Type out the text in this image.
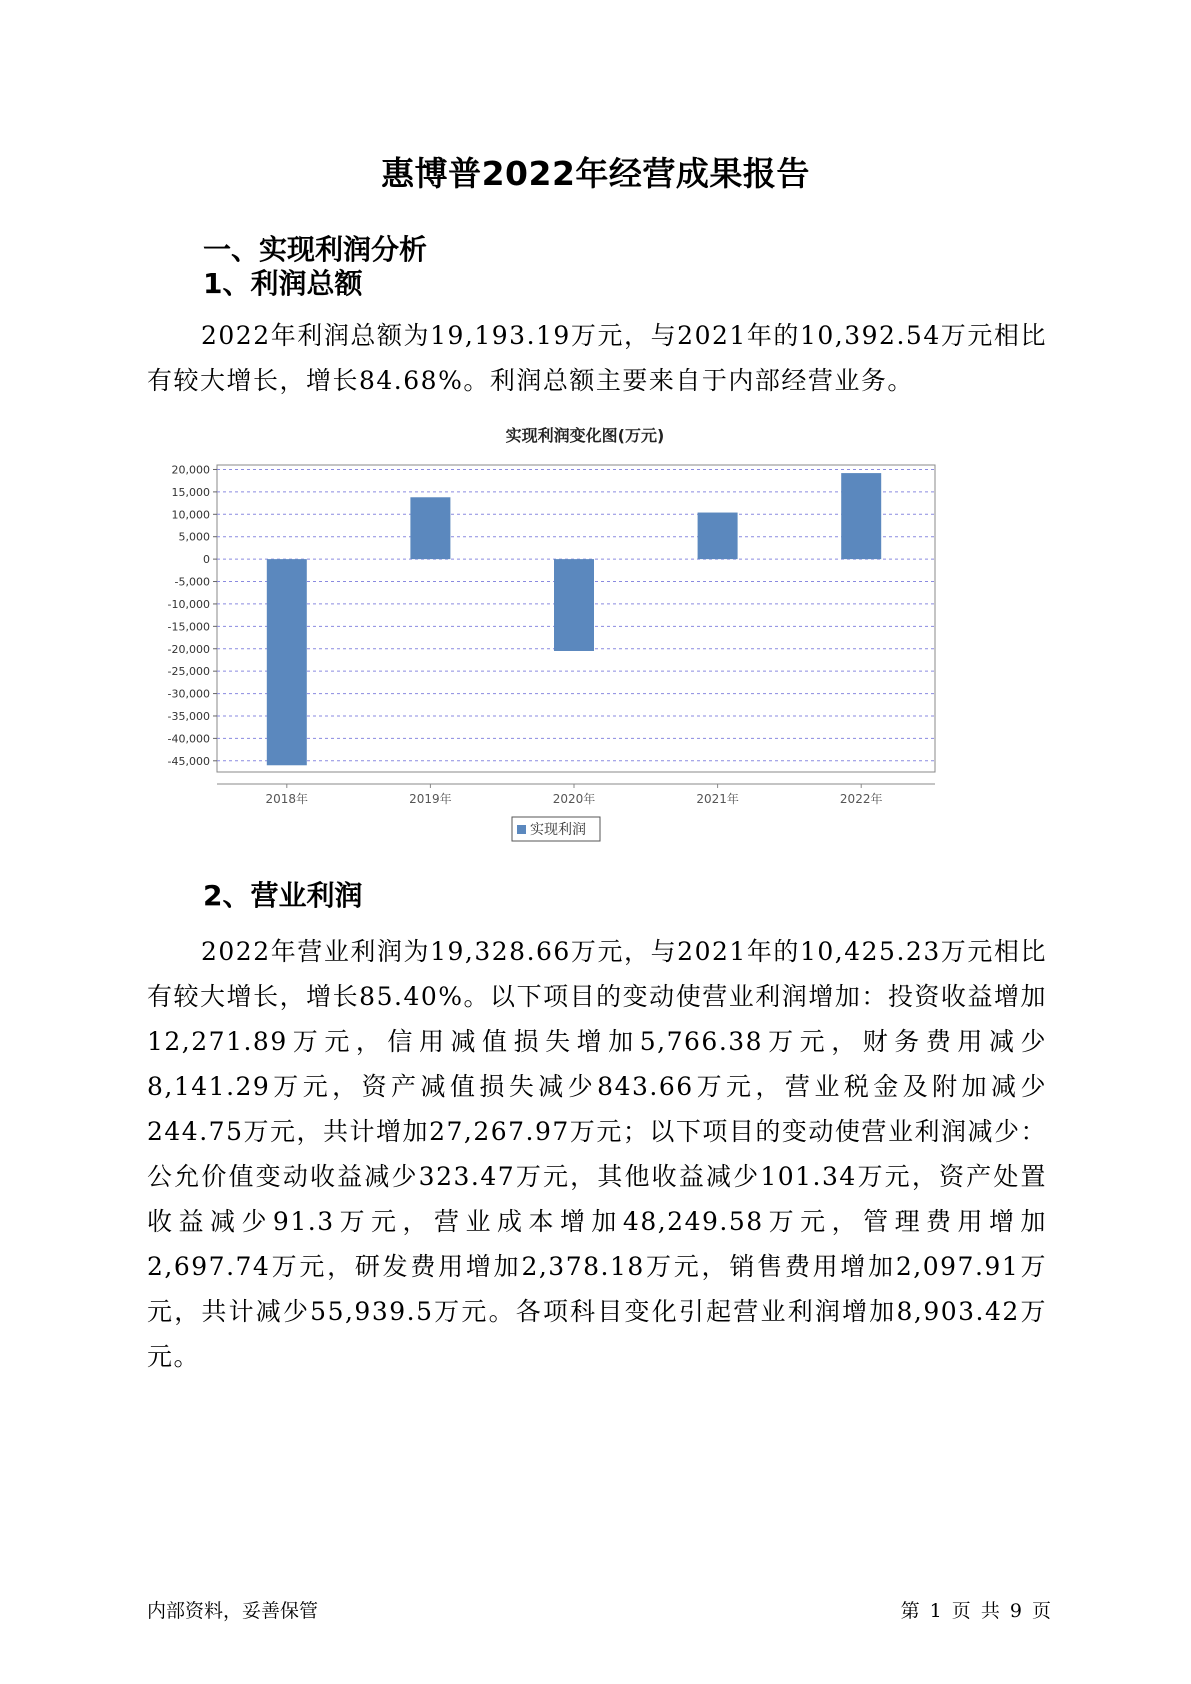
惠博普2022年经营成果报告
一、实现利润分析
1、利润总额

2022年利润总额为19,193.19万元，与2021年的10,392.54万元相比有较大增长，增长84.68%。利润总额主要来自于内部经营业务。

实现利润变化图(万元)
20,000
15,000
10,000
5,000
0
-5,000
-10,000
-15,000
-20,000
-25,000
-30,000
-35,000
-40,000
-45,000
2018年	2019年	2020年	2021年	2022年
实现利润
2、营业利润

2022年营业利润为19,328.66万元，与2021年的10,425.23万元相比有较大增长，增长85.40%。以下项目的变动使营业利润增加：投资收益增加12,271.89万元，信用减值损失增加5,766.38万元，财务费用减少8,141.29万元，资产减值损失减少843.66万元，营业税金及附加减少244.75万元，共计增加27,267.97万元；以下项目的变动使营业利润减少：公允价值变动收益减少323.47万元，其他收益减少101.34万元，资产处置收益减少91.3万元，营业成本增加48,249.58万元，管理费用增加2,697.74万元，研发费用增加2,378.18万元，销售费用增加2,097.91万元，共计减少55,939.5万元。各项科目变化引起营业利润增加8,903.42万元。

内部资料，妥善保管	第 1 页 共 9 页
